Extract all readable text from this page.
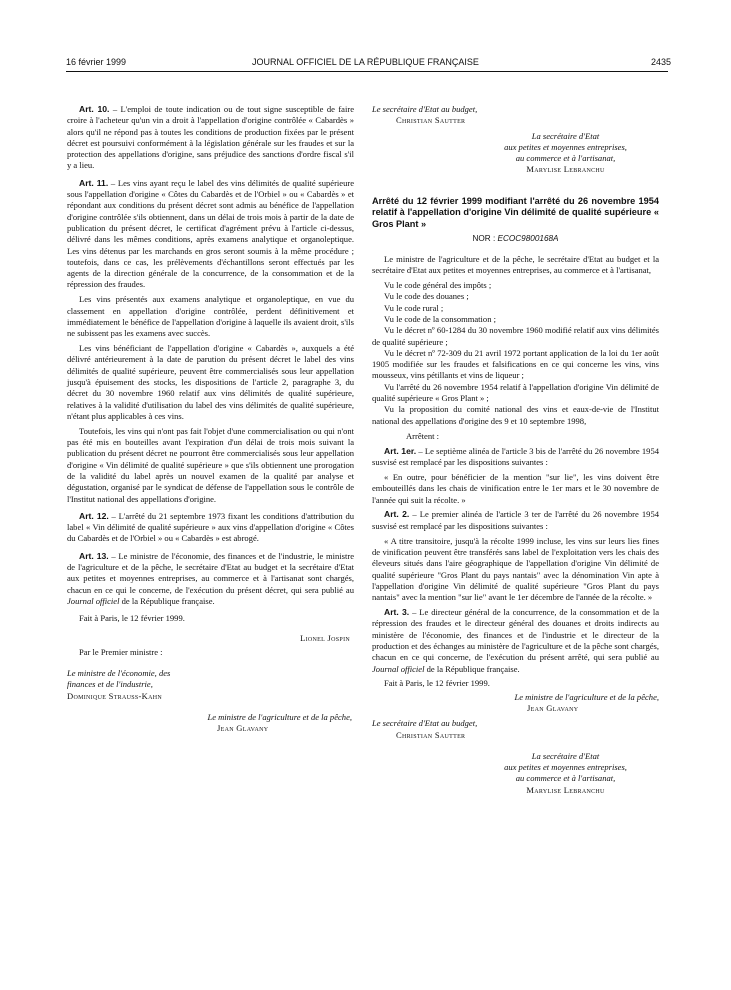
16 février 1999	JOURNAL OFFICIEL DE LA RÉPUBLIQUE FRANÇAISE	2435

Art. 10. – L'emploi de toute indication ou de tout signe susceptible de faire croire à l'acheteur qu'un vin a droit à l'appellation d'origine contrôlée « Cabardès » alors qu'il ne répond pas à toutes les conditions de production fixées par le présent décret est poursuivi conformément à la législation générale sur les fraudes et sur la protection des appellations d'origine, sans préjudice des sanctions d'ordre fiscal s'il y a lieu.

Art. 11. – Les vins ayant reçu le label des vins délimités de qualité supérieure sous l'appellation d'origine « Côtes du Cabardès et de l'Orbiel » ou « Cabardès » et répondant aux conditions du présent décret sont admis au bénéfice de l'appellation d'origine contrôlée s'ils obtiennent, dans un délai de trois mois à partir de la date de publication du présent décret, le certificat d'agrément prévu à l'article ci-dessus, délivré dans les mêmes conditions, après examens analytique et organoleptique. Les vins détenus par les marchands en gros seront soumis à la même procédure ; toutefois, dans ce cas, les prélèvements d'échantillons seront effectués par les agents de la direction générale de la concurrence, de la consommation et de la répression des fraudes.

Les vins présentés aux examens analytique et organoleptique, en vue du classement en appellation d'origine contrôlée, perdent définitivement et immédiatement le bénéfice de l'appellation d'origine à laquelle ils avaient droit, s'ils ne subissent pas les examens avec succès.

Les vins bénéficiant de l'appellation d'origine « Cabardès », auxquels a été délivré antérieurement à la date de parution du présent décret le label des vins délimités de qualité supérieure, peuvent être commercialisés sous leur appellation jusqu'à épuisement des stocks, les dispositions de l'article 2, paragraphe 3, du décret du 30 novembre 1960 relatif aux vins délimités de qualité supérieure, relatives à la validité d'utilisation du label des vins délimités de qualité supérieure, n'étant plus applicables à ces vins.

Toutefois, les vins qui n'ont pas fait l'objet d'une commercialisation ou qui n'ont pas été mis en bouteilles avant l'expiration d'un délai de trois mois suivant la publication du présent décret ne pourront être commercialisés sous leur appellation d'origine « Vin délimité de qualité supérieure » que s'ils obtiennent une prorogation de la validité du label après un nouvel examen de la qualité par analyse et dégustation, organisé par le syndicat de défense de l'appellation sous le contrôle de l'Institut national des appellations d'origine.

Art. 12. – L'arrêté du 21 septembre 1973 fixant les conditions d'attribution du label « Vin délimité de qualité supérieure » aux vins d'appellation d'origine « Côtes du Cabardès et de l'Orbiel » ou « Cabardès » est abrogé.

Art. 13. – Le ministre de l'économie, des finances et de l'industrie, le ministre de l'agriculture et de la pêche, le secrétaire d'Etat au budget et la secrétaire d'Etat aux petites et moyennes entreprises, au commerce et à l'artisanat sont chargés, chacun en ce qui le concerne, de l'exécution du présent décret, qui sera publié au Journal officiel de la République française.

Fait à Paris, le 12 février 1999.

Lionel Jospin

Par le Premier ministre :

Le ministre de l'économie, des finances et de l'industrie,

Dominique Strauss-Kahn

Le ministre de l'agriculture et de la pêche,

Jean Glavany

Le secrétaire d'Etat au budget,

Christian Sautter

La secrétaire d'Etat

aux petites et moyennes entreprises,

au commerce et à l'artisanat,

Marylise Lebranchu

Arrêté du 12 février 1999 modifiant l'arrêté du 26 novembre 1954 relatif à l'appellation d'origine Vin délimité de qualité supérieure « Gros Plant »

NOR : ECOC9800168A

Le ministre de l'agriculture et de la pêche, le secrétaire d'Etat au budget et la secrétaire d'Etat aux petites et moyennes entreprises, au commerce et à l'artisanat,

Vu le code général des impôts ;

Vu le code des douanes ;

Vu le code rural ;

Vu le code de la consommation ;

Vu le décret nº 60-1284 du 30 novembre 1960 modifié relatif aux vins délimités de qualité supérieure ;

Vu le décret nº 72-309 du 21 avril 1972 portant application de la loi du 1er août 1905 modifiée sur les fraudes et falsifications en ce qui concerne les vins, vins mousseux, vins pétillants et vins de liqueur ;

Vu l'arrêté du 26 novembre 1954 relatif à l'appellation d'origine Vin délimité de qualité supérieure « Gros Plant » ;

Vu la proposition du comité national des vins et eaux-de-vie de l'Institut national des appellations d'origine des 9 et 10 septembre 1998,

Arrêtent :

Art. 1er. – Le septième alinéa de l'article 3 bis de l'arrêté du 26 novembre 1954 susvisé est remplacé par les dispositions suivantes :

« En outre, pour bénéficier de la mention "sur lie", les vins doivent être embouteillés dans les chais de vinification entre le 1er mars et le 30 novembre de l'année qui suit la récolte. »

Art. 2. – Le premier alinéa de l'article 3 ter de l'arrêté du 26 novembre 1954 susvisé est remplacé par les dispositions suivantes :

« A titre transitoire, jusqu'à la récolte 1999 incluse, les vins sur leurs lies fines de vinification peuvent être transférés sans label de l'exploitation vers les chais des éleveurs situés dans l'aire géographique de l'appellation d'origine Vin délimité de qualité supérieure "Gros Plant du pays nantais" avec la dénomination Vin apte à l'appellation d'origine Vin délimité de qualité supérieure "Gros Plant du pays nantais" avec la mention "sur lie" avant le 1er décembre de l'année de la récolte. »

Art. 3. – Le directeur général de la concurrence, de la consommation et de la répression des fraudes et le directeur général des douanes et droits indirects au ministère de l'économie, des finances et de l'industrie et le directeur de la production et des échanges au ministère de l'agriculture et de la pêche sont chargés, chacun en ce qui concerne, de l'exécution du présent arrêté, qui sera publié au Journal officiel de la République française.

Fait à Paris, le 12 février 1999.

Le ministre de l'agriculture et de la pêche,

Jean Glavany

Le secrétaire d'Etat au budget,

Christian Sautter

La secrétaire d'Etat

aux petites et moyennes entreprises,

au commerce et à l'artisanat,

Marylise Lebranchu
